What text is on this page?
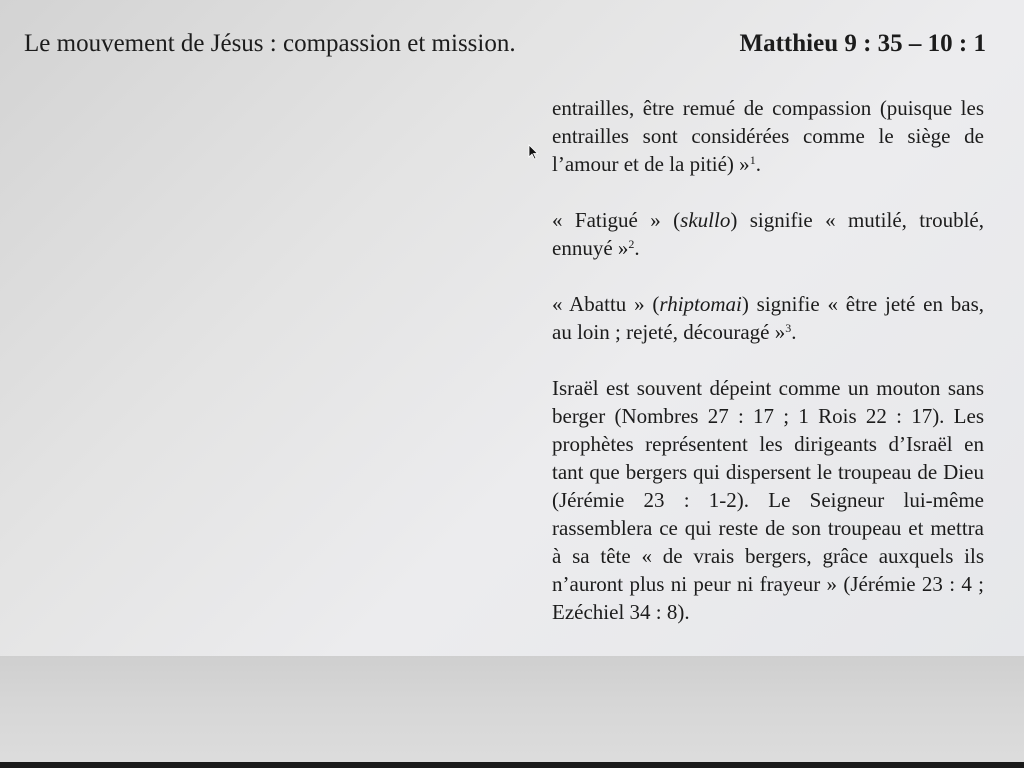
Le mouvement de Jésus : compassion et mission.	Matthieu 9 : 35 – 10 : 1

entrailles, être remué de compassion (puisque les entrailles sont considérées comme le siège de l’amour et de la pitié) »$^1$.

« Fatigué » (skullo) signifie « mutilé, troublé, ennuyé »$^2$.

« Abattu » (rhiptomai) signifie « être jeté en bas, au loin ; rejeté, découragé »$^3$.

Israël est souvent dépeint comme un mouton sans berger (Nombres 27 : 17 ; 1 Rois 22 : 17). Les prophètes représentent les dirigeants d’Israël en tant que bergers qui dispersent le troupeau de Dieu (Jérémie 23 : 1-2). Le Seigneur lui-même rassemblera ce qui reste de son troupeau et mettra à sa tête « de vrais bergers, grâce auxquels ils n’auront plus ni peur ni frayeur » (Jérémie 23 : 4 ; Ezéchiel 34 : 8).
